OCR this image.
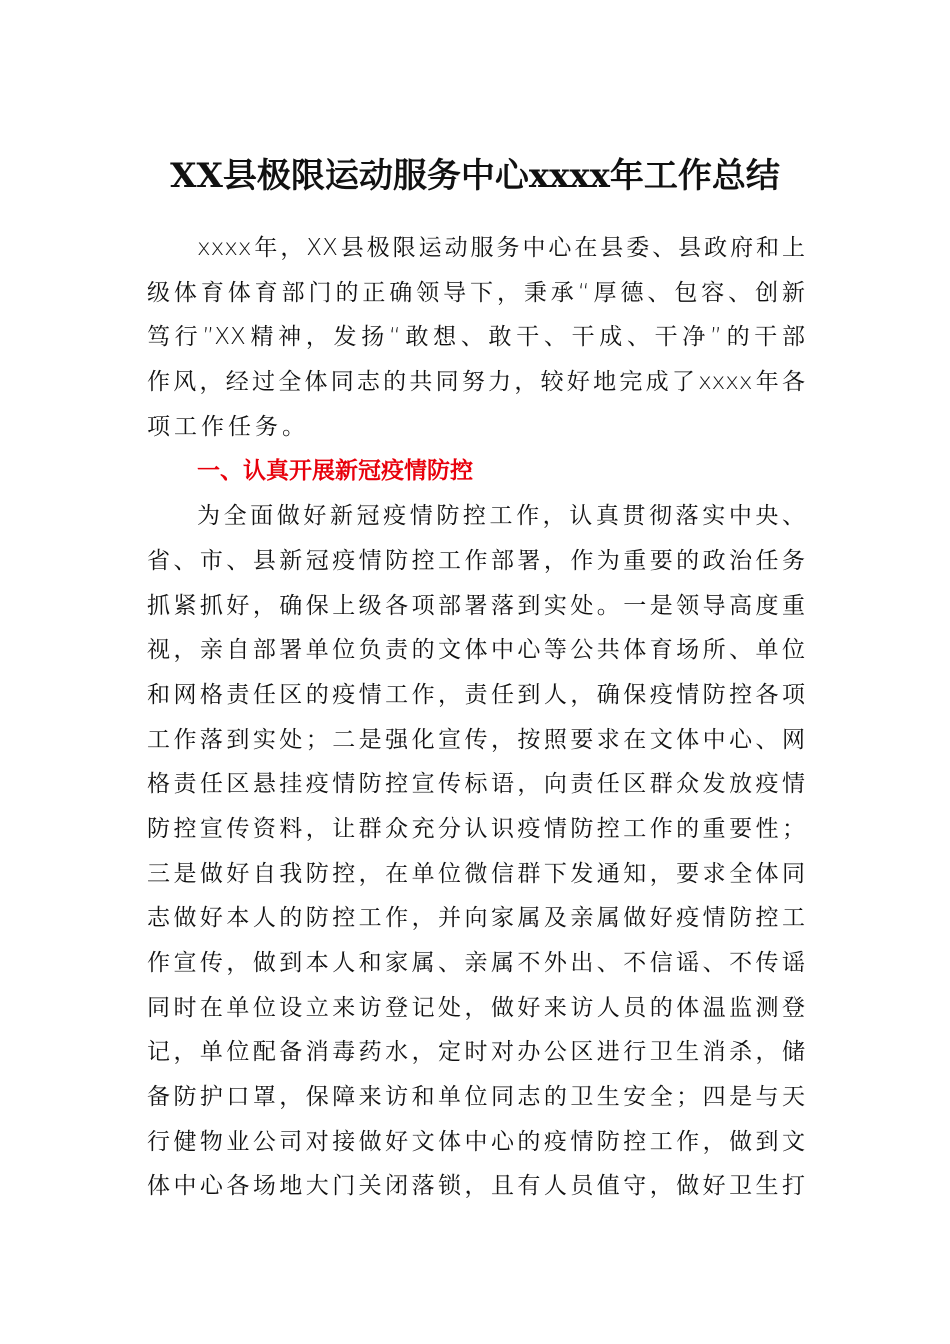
XX县极限运动服务中心xxxx年工作总结
xxxx年，XX县极限运动服务中心在县委、县政府和上
级体育体育部门的正确领导下，秉承“厚德、包容、创新
笃行”XX精神，发扬“敢想、敢干、干成、干净”的干部
作风，经过全体同志的共同努力，较好地完成了xxxx年各
项工作任务。
一、认真开展新冠疫情防控
为全面做好新冠疫情防控工作，认真贯彻落实中央、
省、市、县新冠疫情防控工作部署，作为重要的政治任务
抓紧抓好，确保上级各项部署落到实处。一是领导高度重
视，亲自部署单位负责的文体中心等公共体育场所、单位
和网格责任区的疫情工作，责任到人，确保疫情防控各项
工作落到实处；二是强化宣传，按照要求在文体中心、网
格责任区悬挂疫情防控宣传标语，向责任区群众发放疫情
防控宣传资料，让群众充分认识疫情防控工作的重要性；
三是做好自我防控，在单位微信群下发通知，要求全体同
志做好本人的防控工作，并向家属及亲属做好疫情防控工
作宣传，做到本人和家属、亲属不外出、不信谣、不传谣
同时在单位设立来访登记处，做好来访人员的体温监测登
记，单位配备消毒药水，定时对办公区进行卫生消杀，储
备防护口罩，保障来访和单位同志的卫生安全；四是与天
行健物业公司对接做好文体中心的疫情防控工作，做到文
体中心各场地大门关闭落锁，且有人员值守，做好卫生打
